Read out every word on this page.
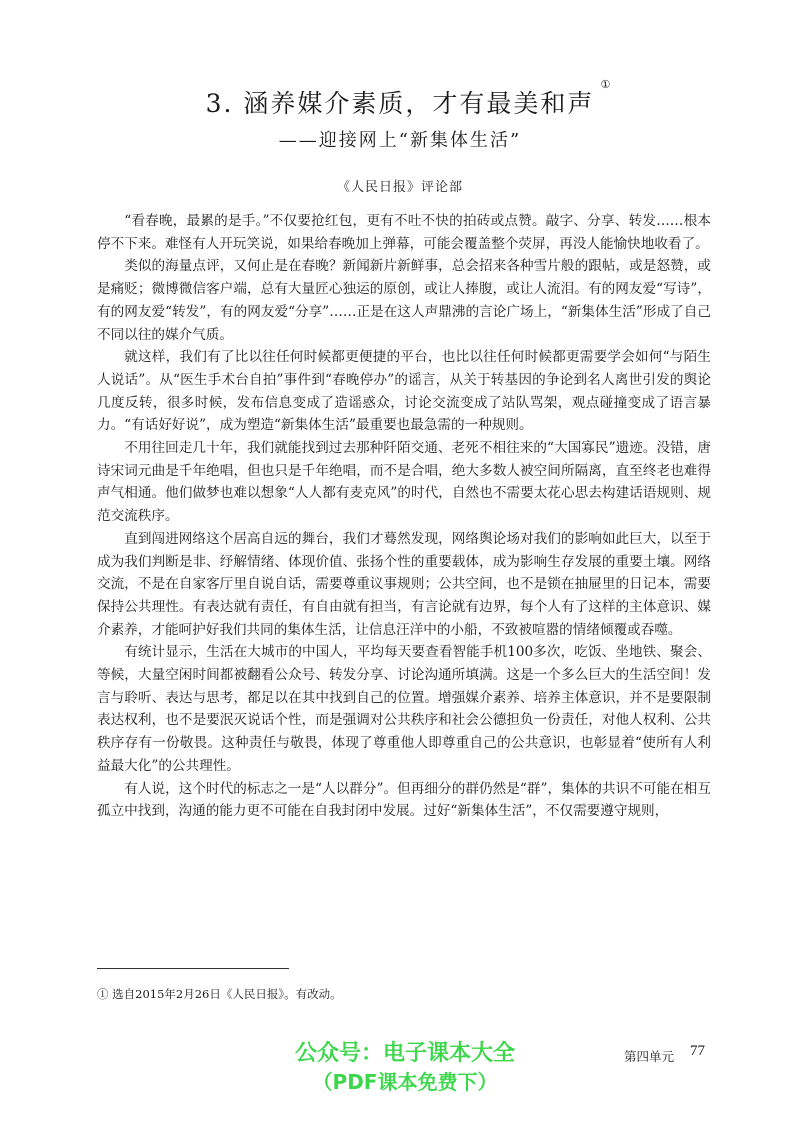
3. 涵养媒介素质，才有最美和声
①
——迎接网上“新集体生活”
《人民日报》评论部

“看春晚，最累的是手。”不仅要抢红包，更有不吐不快的拍砖或点赞。敲字、分享、转发……根本停不下来。难怪有人开玩笑说，如果给春晚加上弹幕，可能会覆盖整个荧屏，再没人能愉快地收看了。

类似的海量点评，又何止是在春晚？新闻新片新鲜事，总会招来各种雪片般的跟帖，或是怒赞，或是痛贬；微博微信客户端，总有大量匠心独运的原创，或让人捧腹，或让人流泪。有的网友爱“写诗”，有的网友爱“转发”，有的网友爱“分享”……正是在这人声鼎沸的言论广场上，“新集体生活”形成了自己不同以往的媒介气质。

就这样，我们有了比以往任何时候都更便捷的平台，也比以往任何时候都更需要学会如何“与陌生人说话”。从“医生手术台自拍”事件到“春晚停办”的谣言，从关于转基因的争论到名人离世引发的舆论几度反转，很多时候，发布信息变成了造谣惑众，讨论交流变成了站队骂架，观点碰撞变成了语言暴力。“有话好好说”，成为塑造“新集体生活”最重要也最急需的一种规则。

不用往回走几十年，我们就能找到过去那种阡陌交通、老死不相往来的“大国寡民”遗迹。没错，唐诗宋词元曲是千年绝唱，但也只是千年绝唱，而不是合唱，绝大多数人被空间所隔离，直至终老也难得声气相通。他们做梦也难以想象“人人都有麦克风”的时代，自然也不需要太花心思去构建话语规则、规范交流秩序。

直到闯进网络这个居高自远的舞台，我们才蓦然发现，网络舆论场对我们的影响如此巨大，以至于成为我们判断是非、纾解情绪、体现价值、张扬个性的重要载体，成为影响生存发展的重要土壤。网络交流，不是在自家客厅里自说自话，需要尊重议事规则；公共空间，也不是锁在抽屉里的日记本，需要保持公共理性。有表达就有责任，有自由就有担当，有言论就有边界，每个人有了这样的主体意识、媒介素养，才能呵护好我们共同的集体生活，让信息汪洋中的小船，不致被喧嚣的情绪倾覆或吞噬。

有统计显示，生活在大城市的中国人，平均每天要查看智能手机100多次，吃饭、坐地铁、聚会、等候，大量空闲时间都被翻看公众号、转发分享、讨论沟通所填满。这是一个多么巨大的生活空间！发言与聆听、表达与思考，都足以在其中找到自己的位置。增强媒介素养、培养主体意识，并不是要限制表达权利，也不是要泯灭说话个性，而是强调对公共秩序和社会公德担负一份责任，对他人权利、公共秩序存有一份敬畏。这种责任与敬畏，体现了尊重他人即尊重自己的公共意识，也彰显着“使所有人利益最大化”的公共理性。

有人说，这个时代的标志之一是“人以群分”。但再细分的群仍然是“群”，集体的共识不可能在相互孤立中找到，沟通的能力更不可能在自我封闭中发展。过好“新集体生活”，不仅需要遵守规则，

① 选自2015年2月26日《人民日报》。有改动。
公众号：电子课本大全
（PDF课本免费下）
第四单元 77
